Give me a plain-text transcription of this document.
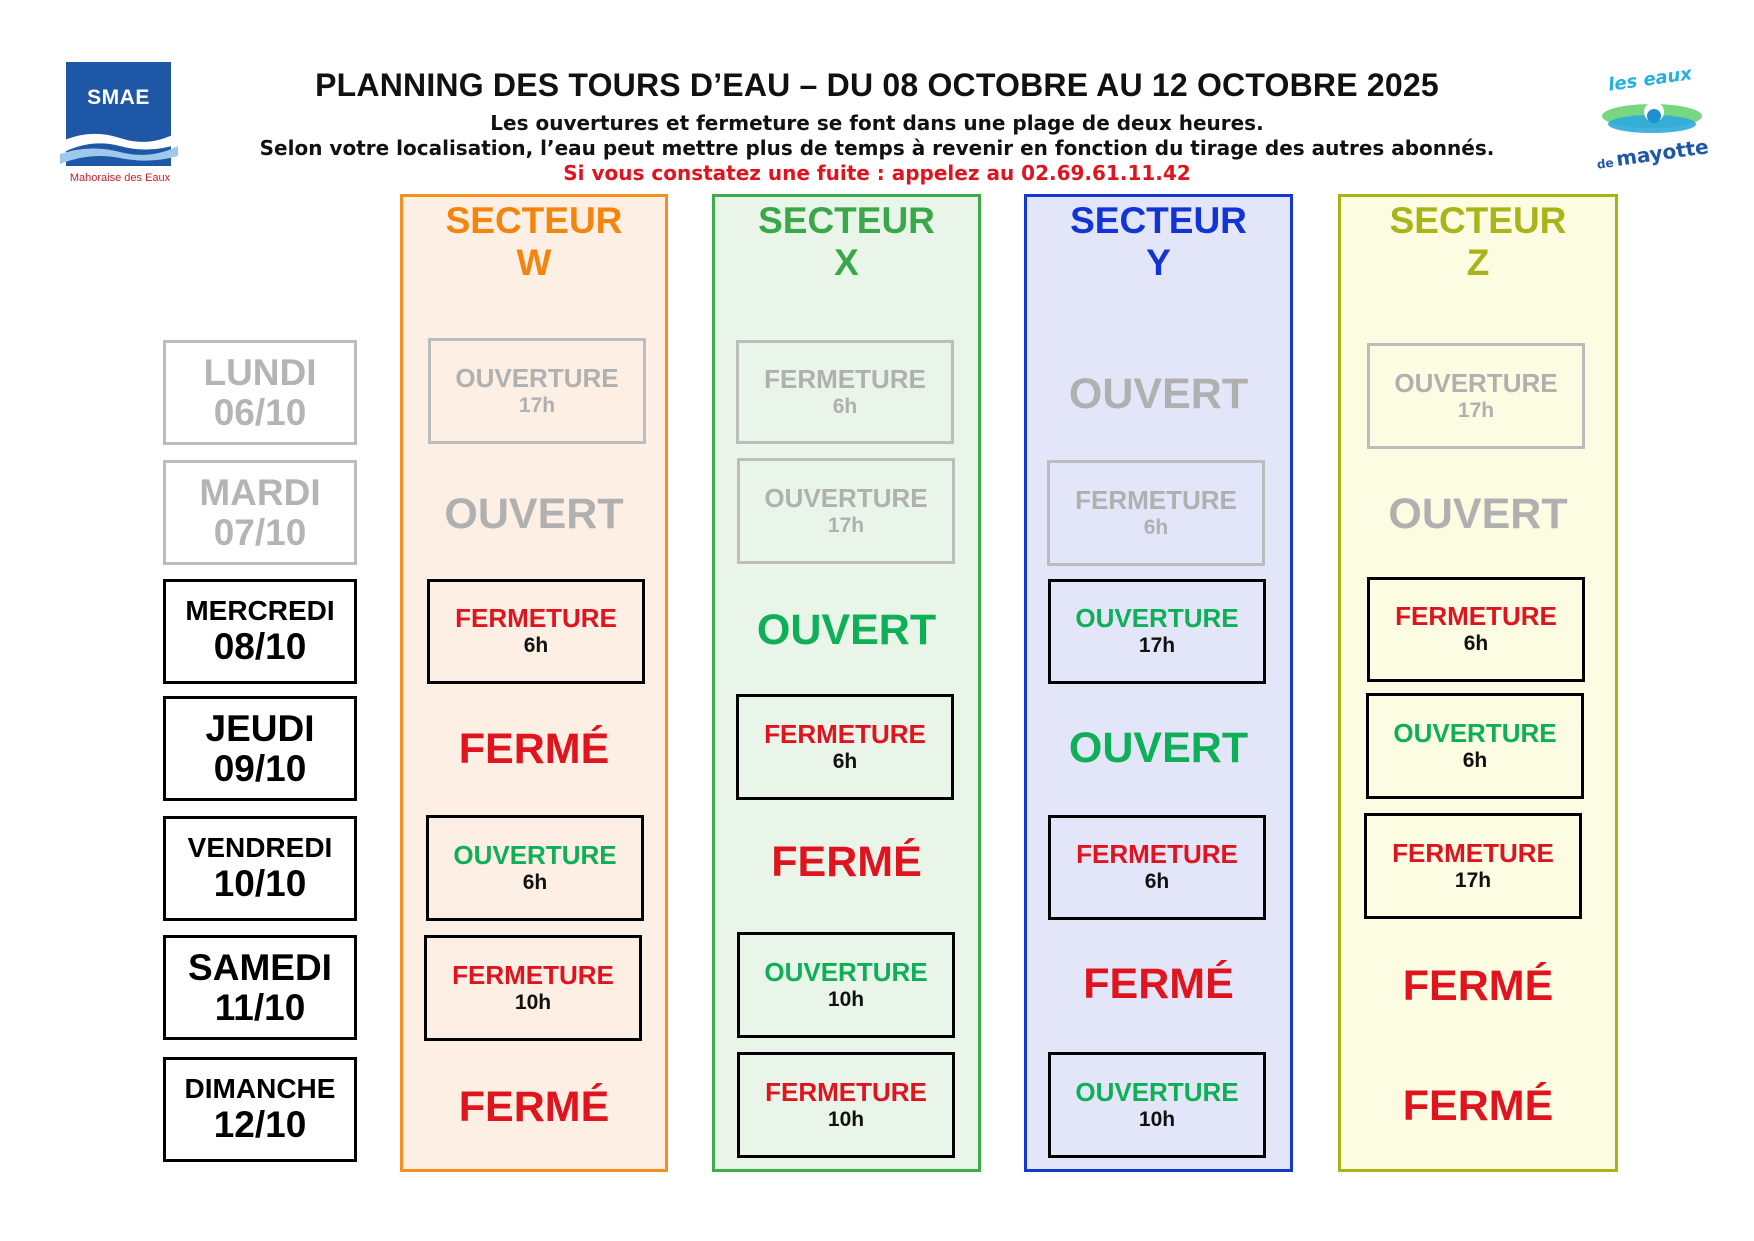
SMAE
Mahoraise des Eaux
les eaux
demayotte
PLANNING DES TOURS D’EAU – DU 08 OCTOBRE AU 12 OCTOBRE 2025
Les ouvertures et fermeture se font dans une plage de deux heures.
Selon votre localisation, l’eau peut mettre plus de temps à revenir en fonction du tirage des autres abonnés.
Si vous constatez une fuite : appelez au 02.69.61.11.42
SECTEUR
W
SECTEUR
X
SECTEUR
Y
SECTEUR
Z
LUNDI
06/10
MARDI
07/10
MERCREDI
08/10
JEUDI
09/10
VENDREDI
10/10
SAMEDI
11/10
DIMANCHE
12/10
OUVERTURE
17h
OUVERT
FERMETURE
6h
FERMÉ
OUVERTURE
6h
FERMETURE
10h
FERMÉ
FERMETURE
6h
OUVERTURE
17h
OUVERT
FERMETURE
6h
FERMÉ
OUVERTURE
10h
FERMETURE
10h
OUVERT
FERMETURE
6h
OUVERTURE
17h
OUVERT
FERMETURE
6h
FERMÉ
OUVERTURE
10h
OUVERTURE
17h
OUVERT
FERMETURE
6h
OUVERTURE
6h
FERMETURE
17h
FERMÉ
FERMÉ
